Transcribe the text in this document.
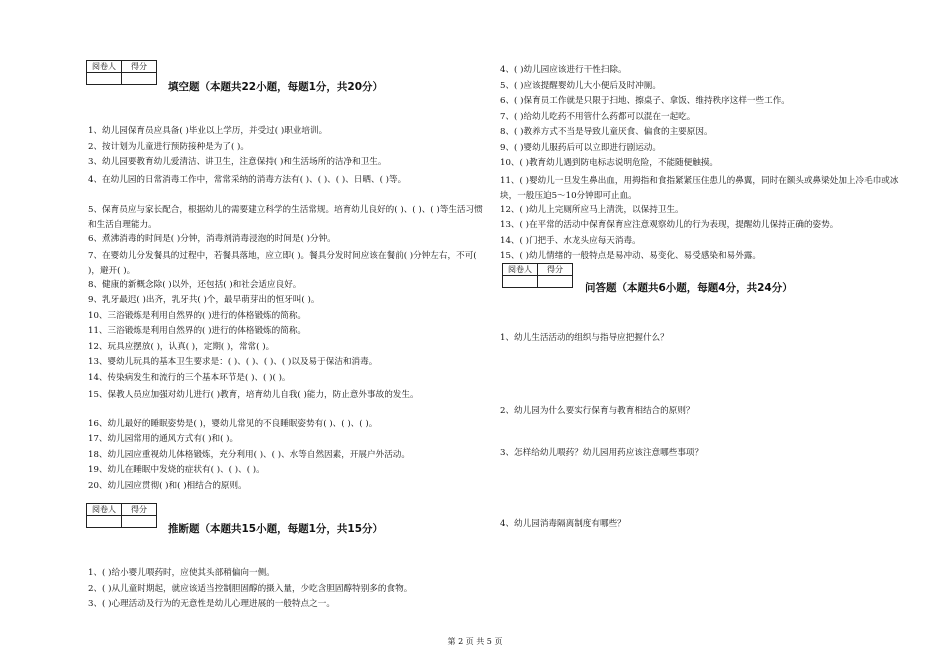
阅卷人	得分

填空题（本题共22小题，每题1分，共20分）
1、幼儿园保育员应具备( )毕业以上学历，并受过( )职业培训。
2、按计划为儿童进行预防接种是为了( )。
3、幼儿园要教育幼儿爱清洁、讲卫生，注意保持( )和生活场所的洁净和卫生。
4、在幼儿园的日常消毒工作中，常常采纳的消毒方法有( )、( )、( )、日晒、( )等。
5、保育员应与家长配合，根据幼儿的需要建立科学的生活常规。培育幼儿良好的( )、( )、( )等生活习惯和生活自理能力。
6、煮沸消毒的时间是( )分钟，消毒剂消毒浸泡的时间是( )分钟。
7、在婴幼儿分发餐具的过程中，若餐具落地，应立即( )。餐具分发时间应该在餐前( )分钟左右，不可( )，避开( )。
8、健康的新概念除( )以外，还包括( )和社会适应良好。
9、乳牙最迟( )出齐，乳牙共( )个，最早萌芽出的恒牙叫( )。
10、三浴锻炼是利用自然界的( )进行的体格锻炼的简称。
11、三浴锻炼是利用自然界的( )进行的体格锻炼的简称。
12、玩具应摆放( )，认真( )，定期( )，常常( )。
13、婴幼儿玩具的基本卫生要求是：( )、( )、( )、( )以及易于保洁和消毒。
14、传染病发生和流行的三个基本环节是( )、( )( )。
15、保教人员应加强对幼儿进行( )教育，培育幼儿自我( )能力，防止意外事故的发生。
16、幼儿最好的睡眠姿势是( )，婴幼儿常见的不良睡眠姿势有( )、( )、( )。
17、幼儿园常用的通风方式有( )和( )。
18、幼儿园应重视幼儿体格锻炼，充分利用( )、( )、水等自然因素，开展户外活动。
19、幼儿在睡眠中发烧的症状有( )、( )、( )。
20、幼儿园应贯彻( )和( )相结合的原则。
阅卷人	得分

推断题（本题共15小题，每题1分，共15分）
1、( )给小婴儿喂药时，应使其头部稍偏向一侧。
2、( )从儿童时期起，就应该适当控制胆固醇的摄入量，少吃含胆固醇特别多的食物。
3、( )心理活动及行为的无意性是幼儿心理进展的一般特点之一。
4、( )幼儿园应该进行干性扫除。
5、( )应该提醒婴幼儿大小便后及时冲厕。
6、( )保育员工作就是只限于扫地、擦桌子、拿饭、维持秩序这样一些工作。
7、( )给幼儿吃药不用管什么药都可以混在一起吃。
8、( )教养方式不当是导致儿童厌食、偏食的主要原因。
9、( )婴幼儿服药后可以立即进行剧运动。
10、( )教育幼儿遇到防电标志说明危险，不能随便触摸。
11、( )婴幼儿一旦发生鼻出血，用拇指和食指紧紧压住患儿的鼻翼，同时在额头或鼻梁处加上冷毛巾或冰块，一般压迫5～10分钟即可止血。
12、( )幼儿上完厕所应马上清洗，以保持卫生。
13、( )在平常的活动中保育保育应注意观察幼儿的行为表现，提醒幼儿保持正确的姿势。
14、( )门把手、水龙头应每天消毒。
15、( )幼儿情绪的一般特点是易冲动、易变化、易受感染和易外露。
阅卷人	得分

问答题（本题共6小题，每题4分，共24分）
1、幼儿生活活动的组织与指导应把握什么？
2、幼儿园为什么要实行保育与教育相结合的原则？
3、怎样给幼儿喂药？幼儿园用药应该注意哪些事项？
4、幼儿园消毒隔离制度有哪些？
第 2 页 共 5 页
